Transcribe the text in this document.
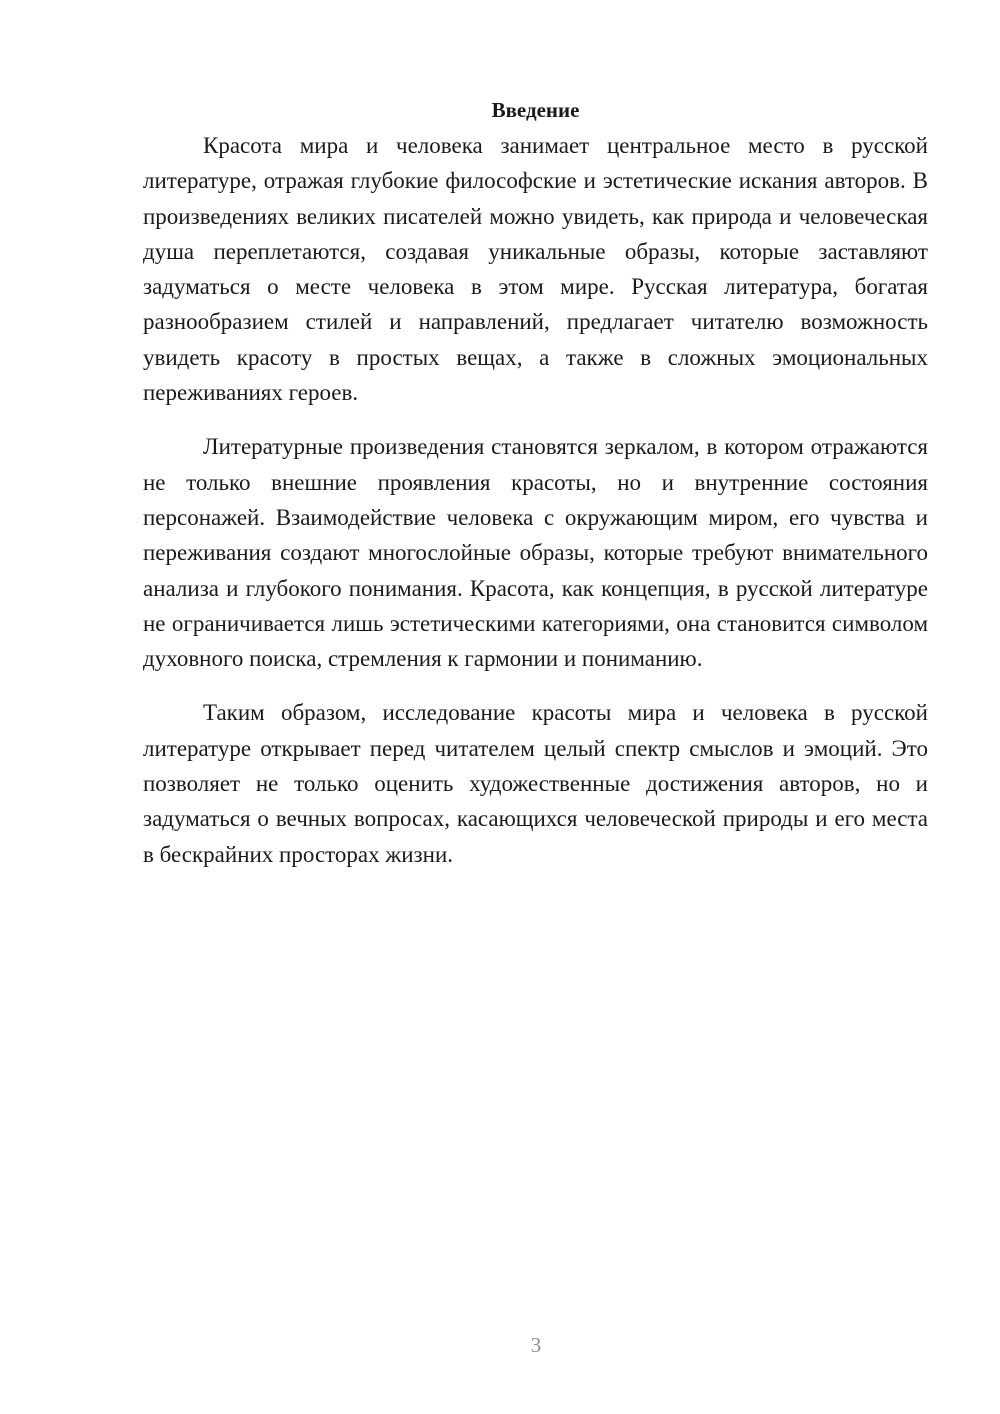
Введение

Красота мира и человека занимает центральное место в русской литературе, отражая глубокие философские и эстетические искания авторов. В произведениях великих писателей можно увидеть, как природа и человеческая душа переплетаются, создавая уникальные образы, которые заставляют задуматься о месте человека в этом мире. Русская литература, богатая разнообразием стилей и направлений, предлагает читателю возможность увидеть красоту в простых вещах, а также в сложных эмоциональных переживаниях героев.

Литературные произведения становятся зеркалом, в котором отражаются не только внешние проявления красоты, но и внутренние состояния персонажей. Взаимодействие человека с окружающим миром, его чувства и переживания создают многослойные образы, которые требуют внимательного анализа и глубокого понимания. Красота, как концепция, в русской литературе не ограничивается лишь эстетическими категориями, она становится символом духовного поиска, стремления к гармонии и пониманию.

Таким образом, исследование красоты мира и человека в русской литературе открывает перед читателем целый спектр смыслов и эмоций. Это позволяет не только оценить художественные достижения авторов, но и задуматься о вечных вопросах, касающихся человеческой природы и его места в бескрайних просторах жизни.

3
